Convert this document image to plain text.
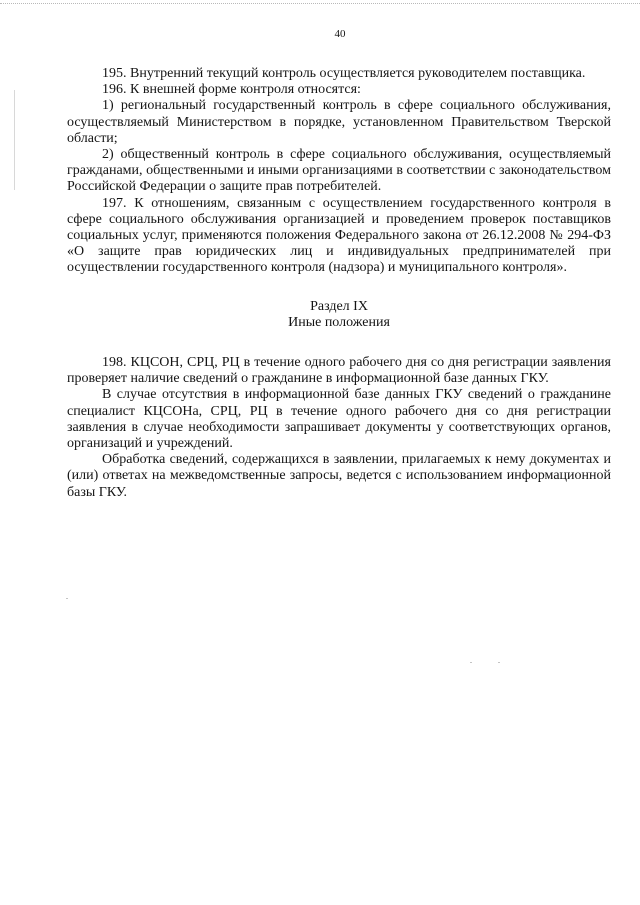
40

195. Внутренний текущий контроль осуществляется руководителем поставщика.

196. К внешней форме контроля относятся:

1) региональный государственный контроль в сфере социального обслуживания, осуществляемый Министерством в порядке, установленном Правительством Тверской области;

2) общественный контроль в сфере социального обслуживания, осуществляемый гражданами, общественными и иными организациями в соответствии с законодательством Российской Федерации о защите прав потребителей.

197. К отношениям, связанным с осуществлением государственного контроля в сфере социального обслуживания организацией и проведением проверок поставщиков социальных услуг, применяются положения Федерального закона от 26.12.2008 № 294-ФЗ «О защите прав юридических лиц и индивидуальных предпринимателей при осуществлении государственного контроля (надзора) и муниципального контроля».

Раздел IX
Иные положения

198. КЦСОН, СРЦ, РЦ в течение одного рабочего дня со дня регистрации заявления проверяет наличие сведений о гражданине в информационной базе данных ГКУ.

В случае отсутствия в информационной базе данных ГКУ сведений о гражданине специалист КЦСОНа, СРЦ, РЦ в течение одного рабочего дня со дня регистрации заявления в случае необходимости запрашивает документы у соответствующих органов, организаций и учреждений.

Обработка сведений, содержащихся в заявлении, прилагаемых к нему документах и (или) ответах на межведомственные запросы, ведется с использованием информационной базы ГКУ.
